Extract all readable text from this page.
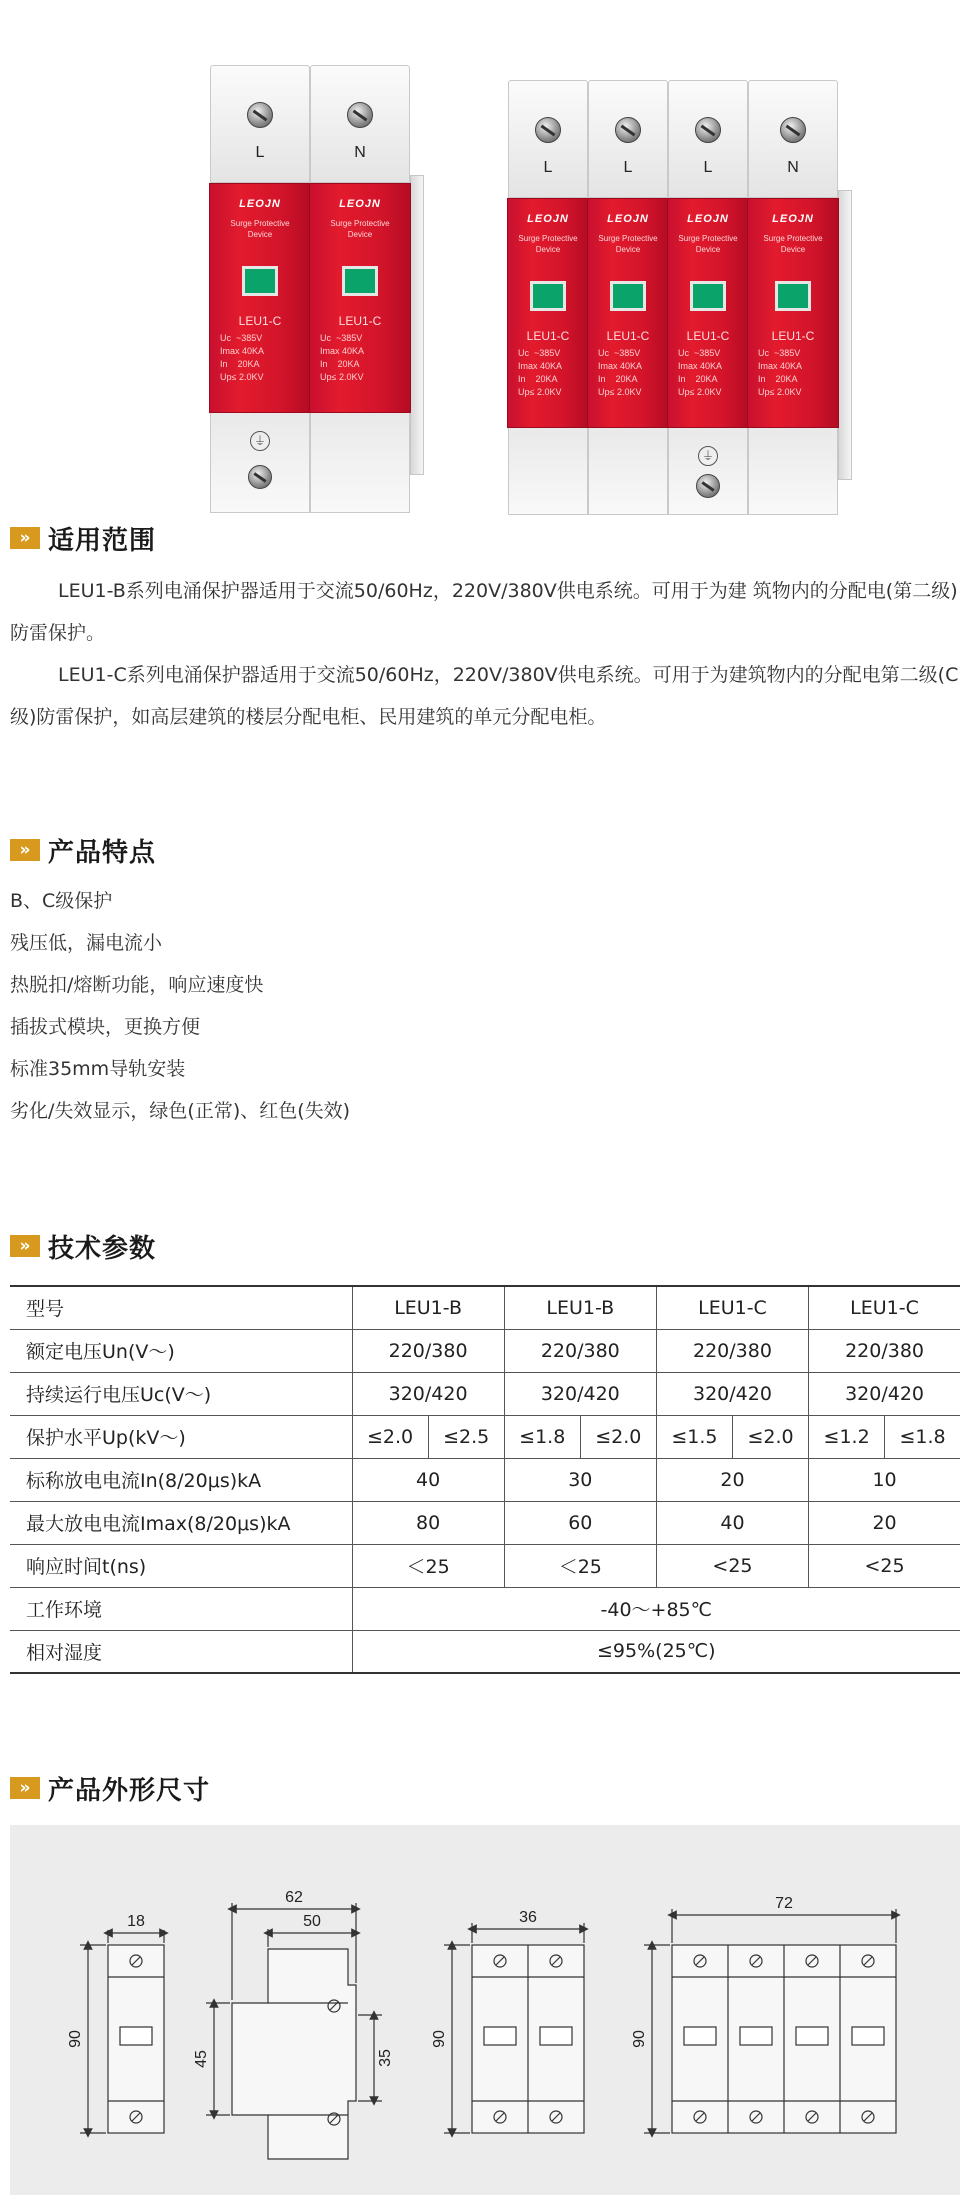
L
LEOJN
Surge Protective
Device
LEU1-C
Uc  ~385V
Imax 40KA
In    20KA
Up≤ 2.0KV
⏚
N
LEOJN
Surge Protective
Device
LEU1-C
Uc  ~385V
Imax 40KA
In    20KA
Up≤ 2.0KV
L
LEOJN
Surge Protective
Device
LEU1-C
Uc  ~385V
Imax 40KA
In    20KA
Up≤ 2.0KV
L
LEOJN
Surge Protective
Device
LEU1-C
Uc  ~385V
Imax 40KA
In    20KA
Up≤ 2.0KV
L
LEOJN
Surge Protective
Device
LEU1-C
Uc  ~385V
Imax 40KA
In    20KA
Up≤ 2.0KV
⏚
N
LEOJN
Surge Protective
Device
LEU1-C
Uc  ~385V
Imax 40KA
In    20KA
Up≤ 2.0KV
» 适用范围

LEU1-B系列电涌保护器适用于交流50/60Hz，220V/380V供电系统。可用于为建 筑物内的分配电(第二级)防雷保护。

LEU1-C系列电涌保护器适用于交流50/60Hz，220V/380V供电系统。可用于为建筑物内的分配电第二级(C级)防雷保护，如高层建筑的楼层分配电柜、民用建筑的单元分配电柜。

» 产品特点
B、C级保护
残压低，漏电流小
热脱扣/熔断功能，响应速度快
插拔式模块，更换方便
标准35mm导轨安装
劣化/失效显示，绿色(正常)、红色(失效)
» 技术参数
型号	LEU1-B		LEU1-B		LEU1-C		LEU1-C	
额定电压Un(V～)	220/380		220/380		220/380		220/380	
持续运行电压Uc(V～)	320/420		320/420		320/420		320/420	
保护水平Up(kV～)	≤2.0	≤2.5	≤1.8	≤2.0	≤1.5	≤2.0	≤1.2	≤1.8
标称放电电流In(8/20μs)kA	40		30		20		10	
最大放电电流Imax(8/20μs)kA	80		60		40		20	
响应时间t(ns)	＜25		＜25		<25		<25	
工作环境	-40～+85℃							
相对湿度	≤95%(25℃)							
» 产品外形尺寸
18
90
62
50
45	35
36
90
72
90
